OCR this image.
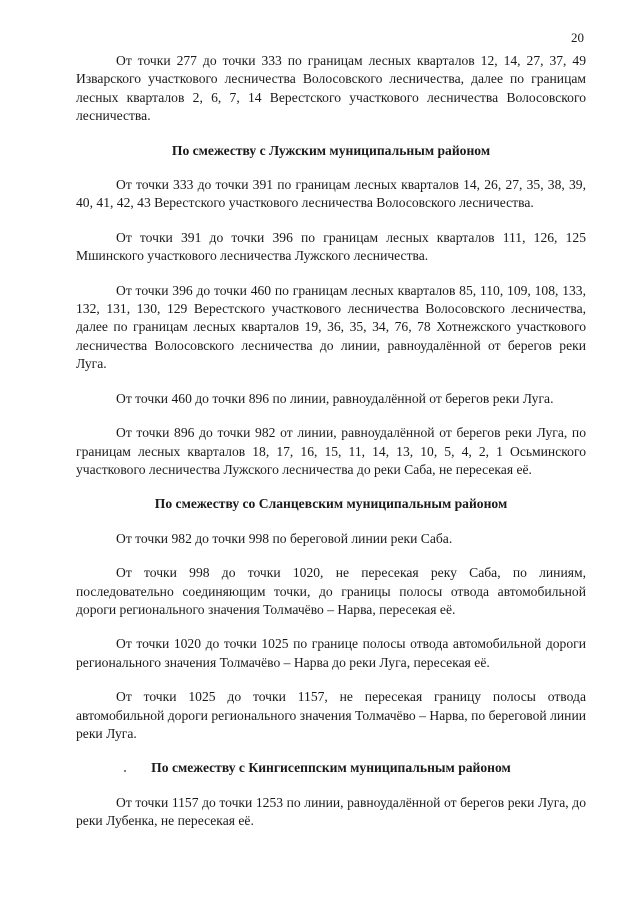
20

От точки 277 до точки 333 по границам лесных кварталов 12, 14, 27, 37, 49 Изварского участкового лесничества Волосовского лесничества, далее по границам лесных кварталов 2, 6, 7, 14 Верестского участкового лесничества Волосовского лесничества.

По смежеству с Лужским муниципальным районом

От точки 333 до точки 391 по границам лесных кварталов 14, 26, 27, 35, 38, 39, 40, 41, 42, 43 Верестского участкового лесничества Волосовского лесничества.

От точки 391 до точки 396 по границам лесных кварталов 111, 126, 125 Мшинского участкового лесничества Лужского лесничества.

От точки 396 до точки 460 по границам лесных кварталов 85, 110, 109, 108, 133, 132, 131, 130, 129 Верестского участкового лесничества Волосовского лесничества, далее по границам лесных кварталов 19, 36, 35, 34, 76, 78 Хотнежского участкового лесничества Волосовского лесничества до линии, равноудалённой от берегов реки Луга.

От точки 460 до точки 896 по линии, равноудалённой от берегов реки Луга.

От точки 896 до точки 982 от линии, равноудалённой от берегов реки Луга, по границам лесных кварталов 18, 17, 16, 15, 11, 14, 13, 10, 5, 4, 2, 1 Осьминского участкового лесничества Лужского лесничества до реки Саба, не пересекая её.

По смежеству со Сланцевским муниципальным районом

От точки 982 до точки 998 по береговой линии реки Саба.

От точки 998 до точки 1020, не пересекая реку Саба, по линиям, последовательно соединяющим точки, до границы полосы отвода автомобильной дороги регионального значения Толмачёво – Нарва, пересекая её.

От точки 1020 до точки 1025 по границе полосы отвода автомобильной дороги регионального значения Толмачёво – Нарва до реки Луга, пересекая её.

От точки 1025 до точки 1157, не пересекая границу полосы отвода автомобильной дороги регионального значения Толмачёво – Нарва, по береговой линии реки Луга.

По смежеству с Кингисеппским муниципальным районом

От точки 1157 до точки 1253 по линии, равноудалённой от берегов реки Луга, до реки Лубенка, не пересекая её.
